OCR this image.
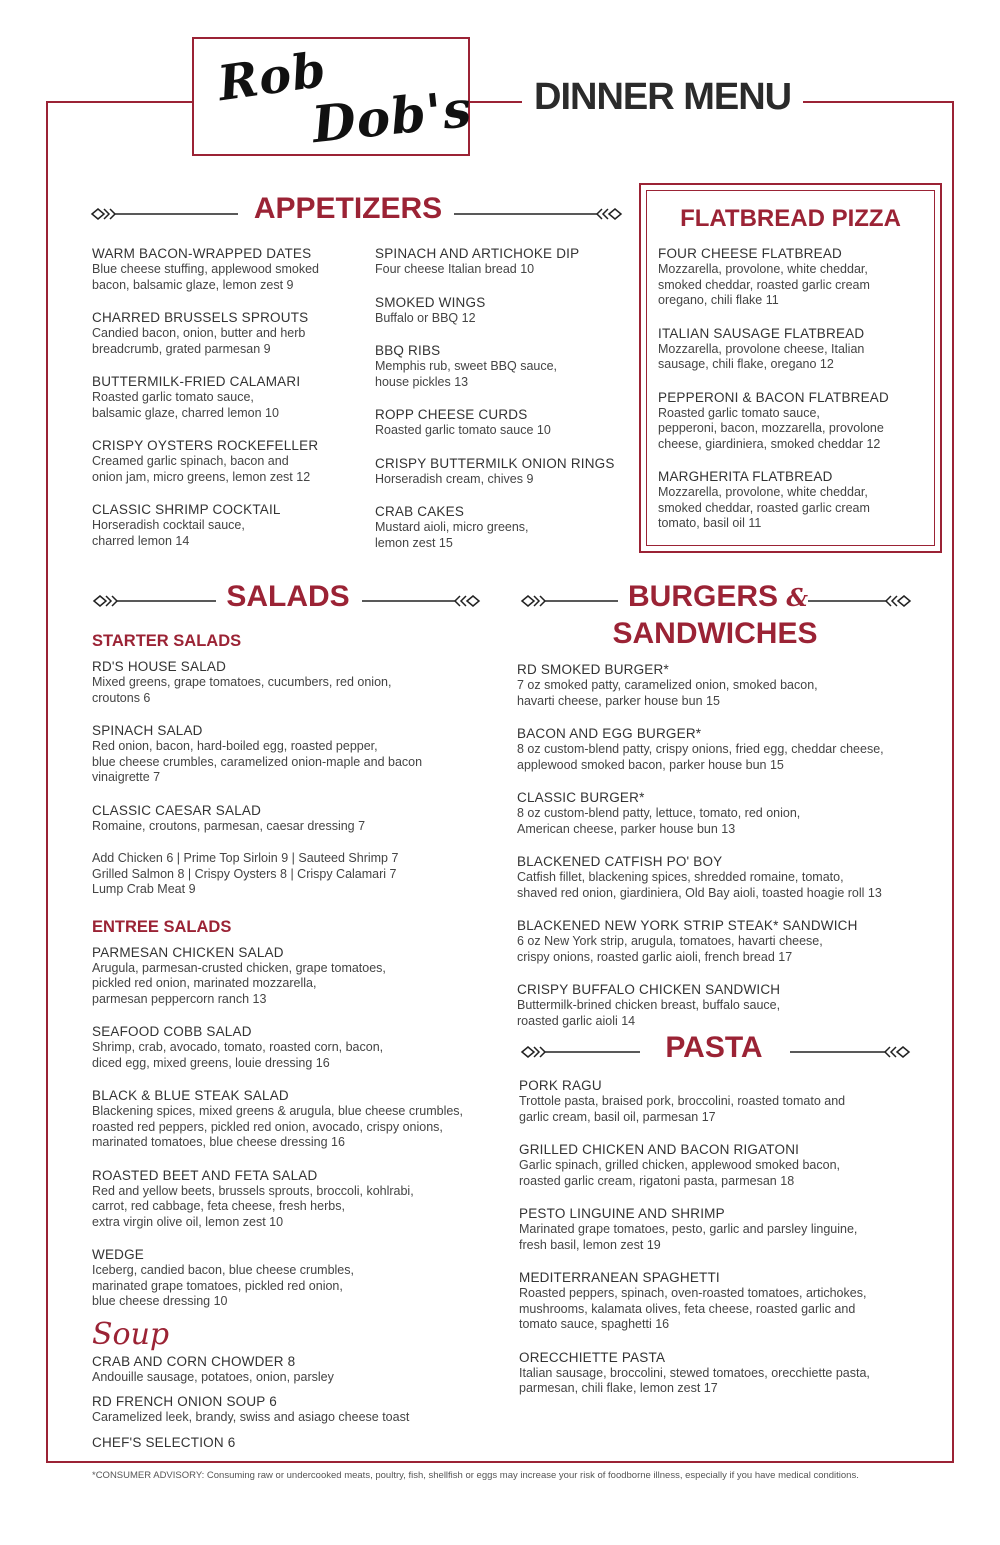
Rob
Dob's	DINNER MENU
APPETIZERS
WARM BACON-WRAPPED DATES
Blue cheese stuffing, applewood smoked
bacon, balsamic glaze, lemon zest 9
CHARRED BRUSSELS SPROUTS
Candied bacon, onion, butter and herb
breadcrumb, grated parmesan 9
BUTTERMILK-FRIED CALAMARI
Roasted garlic tomato sauce,
balsamic glaze, charred lemon 10
CRISPY OYSTERS ROCKEFELLER
Creamed garlic spinach, bacon and
onion jam, micro greens, lemon zest 12
CLASSIC SHRIMP COCKTAIL
Horseradish cocktail sauce,
charred lemon 14
SPINACH AND ARTICHOKE DIP
Four cheese Italian bread 10
SMOKED WINGS
Buffalo or BBQ 12
BBQ RIBS
Memphis rub, sweet BBQ sauce,
house pickles 13
ROPP CHEESE CURDS
Roasted garlic tomato sauce 10
CRISPY BUTTERMILK ONION RINGS
Horseradish cream, chives 9
CRAB CAKES
Mustard aioli, micro greens,
lemon zest 15
FLATBREAD PIZZA
FOUR CHEESE FLATBREAD
Mozzarella, provolone, white cheddar,
smoked cheddar, roasted garlic cream
oregano, chili flake 11
ITALIAN SAUSAGE FLATBREAD
Mozzarella, provolone cheese, Italian
sausage, chili flake, oregano 12
PEPPERONI & BACON FLATBREAD
Roasted garlic tomato sauce,
pepperoni, bacon, mozzarella, provolone
cheese, giardiniera, smoked cheddar 12
MARGHERITA FLATBREAD
Mozzarella, provolone, white cheddar,
smoked cheddar, roasted garlic cream
tomato, basil oil 11
SALADS
STARTER SALADS
RD'S HOUSE SALAD
Mixed greens, grape tomatoes, cucumbers, red onion,
croutons 6
SPINACH SALAD
Red onion, bacon, hard-boiled egg, roasted pepper,
blue cheese crumbles, caramelized onion-maple and bacon
vinaigrette 7
CLASSIC CAESAR SALAD
Romaine, croutons, parmesan, caesar dressing 7
Add Chicken 6 | Prime Top Sirloin 9 | Sauteed Shrimp 7
Grilled Salmon 8 | Crispy Oysters 8 | Crispy Calamari 7
Lump Crab Meat 9
ENTREE SALADS
PARMESAN CHICKEN SALAD
Arugula, parmesan-crusted chicken, grape tomatoes,
pickled red onion, marinated mozzarella,
parmesan peppercorn ranch 13
SEAFOOD COBB SALAD
Shrimp, crab, avocado, tomato, roasted corn, bacon,
diced egg, mixed greens, louie dressing 16
BLACK & BLUE STEAK SALAD
Blackening spices, mixed greens & arugula, blue cheese crumbles,
roasted red peppers, pickled red onion, avocado, crispy onions,
marinated tomatoes, blue cheese dressing 16
ROASTED BEET AND FETA SALAD
Red and yellow beets, brussels sprouts, broccoli, kohlrabi,
carrot, red cabbage, feta cheese, fresh herbs,
extra virgin olive oil, lemon zest 10
WEDGE
Iceberg, candied bacon, blue cheese crumbles,
marinated grape tomatoes, pickled red onion,
blue cheese dressing 10
Soup
CRAB AND CORN CHOWDER 8
Andouille sausage, potatoes, onion, parsley
RD FRENCH ONION SOUP 6
Caramelized leek, brandy, swiss and asiago cheese toast
CHEF'S SELECTION 6
BURGERS &
SANDWICHES
RD SMOKED BURGER*
7 oz smoked patty, caramelized onion, smoked bacon,
havarti cheese, parker house bun 15
BACON AND EGG BURGER*
8 oz custom-blend patty, crispy onions, fried egg, cheddar cheese,
applewood smoked bacon, parker house bun 15
CLASSIC BURGER*
8 oz custom-blend patty, lettuce, tomato, red onion,
American cheese, parker house bun 13
BLACKENED CATFISH PO' BOY
Catfish fillet, blackening spices, shredded romaine, tomato,
shaved red onion, giardiniera, Old Bay aioli, toasted hoagie roll 13
BLACKENED NEW YORK STRIP STEAK* SANDWICH
6 oz New York strip, arugula, tomatoes, havarti cheese,
crispy onions, roasted garlic aioli, french bread 17
CRISPY BUFFALO CHICKEN SANDWICH
Buttermilk-brined chicken breast, buffalo sauce,
roasted garlic aioli 14
PASTA
PORK RAGU
Trottole pasta, braised pork, broccolini, roasted tomato and
garlic cream, basil oil, parmesan 17
GRILLED CHICKEN AND BACON RIGATONI
Garlic spinach, grilled chicken, applewood smoked bacon,
roasted garlic cream, rigatoni pasta, parmesan 18
PESTO LINGUINE AND SHRIMP
Marinated grape tomatoes, pesto, garlic and parsley linguine,
fresh basil, lemon zest 19
MEDITERRANEAN SPAGHETTI
Roasted peppers, spinach, oven-roasted tomatoes, artichokes,
mushrooms, kalamata olives, feta cheese, roasted garlic and
tomato sauce, spaghetti 16
ORECCHIETTE PASTA
Italian sausage, broccolini, stewed tomatoes, orecchiette pasta,
parmesan, chili flake, lemon zest 17
*CONSUMER ADVISORY: Consuming raw or undercooked meats, poultry, fish, shellfish or eggs may increase your risk of foodborne illness, especially if you have medical conditions.
